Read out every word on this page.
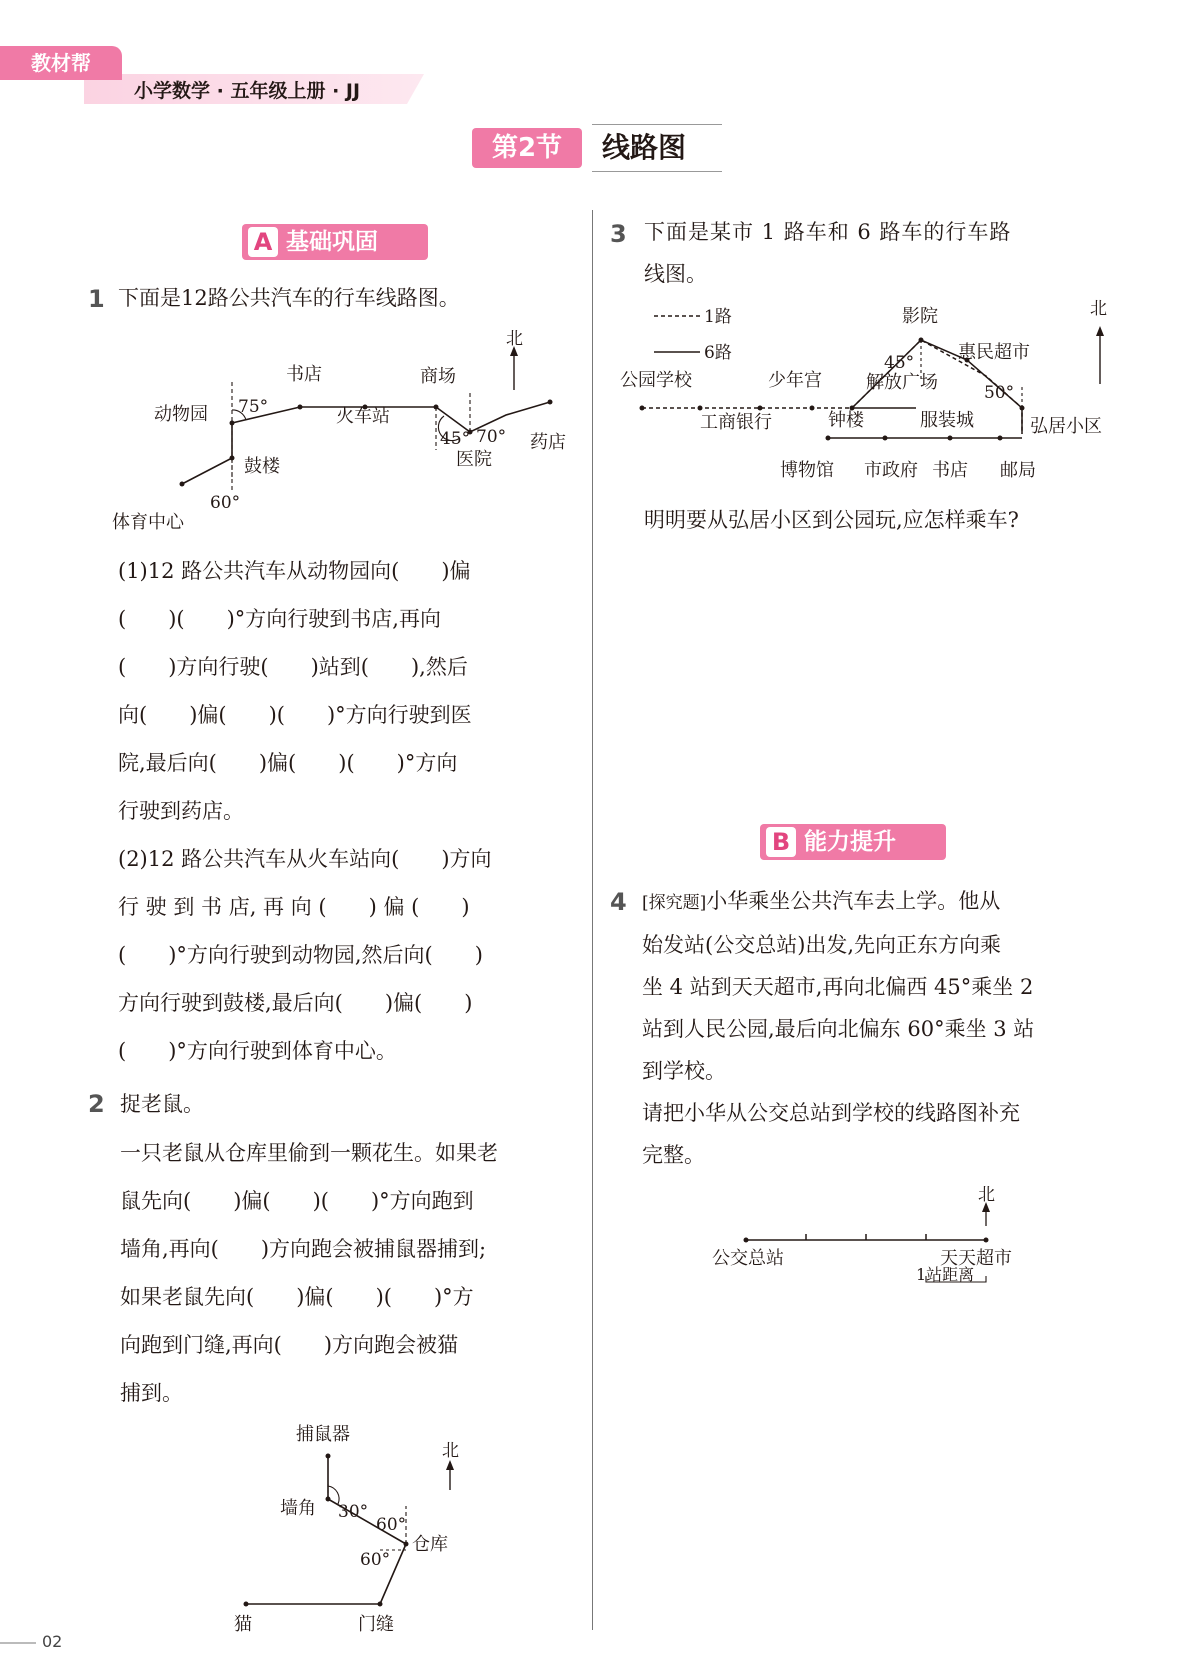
教材帮
小学数学 · 五年级上册 · JJ
第2节	线路图
A 基础巩固
1 下面是12路公共汽车的行车线路图。
北
动物园
书店	商场
火车站
医院
药店
鼓楼
体育中心
75°
45° 70°
60°
(1)12 路公共汽车从动物园向(　　)偏
(　　)(　　)°方向行驶到书店,再向
(　　)方向行驶(　　)站到(　　),然后
向(　　)偏(　　)(　　)°方向行驶到医
院,最后向(　　)偏(　　)(　　)°方向
行驶到药店。
(2)12 路公共汽车从火车站向(　　)方向
行 驶 到 书 店, 再 向 (　　) 偏 (　　)
(　　)°方向行驶到动物园,然后向(　　)
方向行驶到鼓楼,最后向(　　)偏(　　)
(　　)°方向行驶到体育中心。
2 捉老鼠。
一只老鼠从仓库里偷到一颗花生。如果老
鼠先向(　　)偏(　　)(　　)°方向跑到
墙角,再向(　　)方向跑会被捕鼠器捕到;
如果老鼠先向(　　)偏(　　)(　　)°方
向跑到门缝,再向(　　)方向跑会被猫
捕到。
捕鼠器
北
墙角 30°
60°
仓库
60°
猫	门缝
3 下面是某市 1 路车和 6 路车的行车路
线图。
1路
6路
影院	北
惠民超市
公园学校	少年宫
45°
解放广场	50°
工商银行	钟楼	服装城	弘居小区
博物馆 市政府 书店 邮局
明明要从弘居小区到公园玩,应怎样乘车?
B 能力提升
4 [探究题]小华乘坐公共汽车去上学。他从
始发站(公交总站)出发,先向正东方向乘
坐 4 站到天天超市,再向北偏西 45°乘坐 2
站到人民公园,最后向北偏东 60°乘坐 3 站
到学校。
请把小华从公交总站到学校的线路图补充
完整。
北
公交总站	天天超市
1站距离
02
